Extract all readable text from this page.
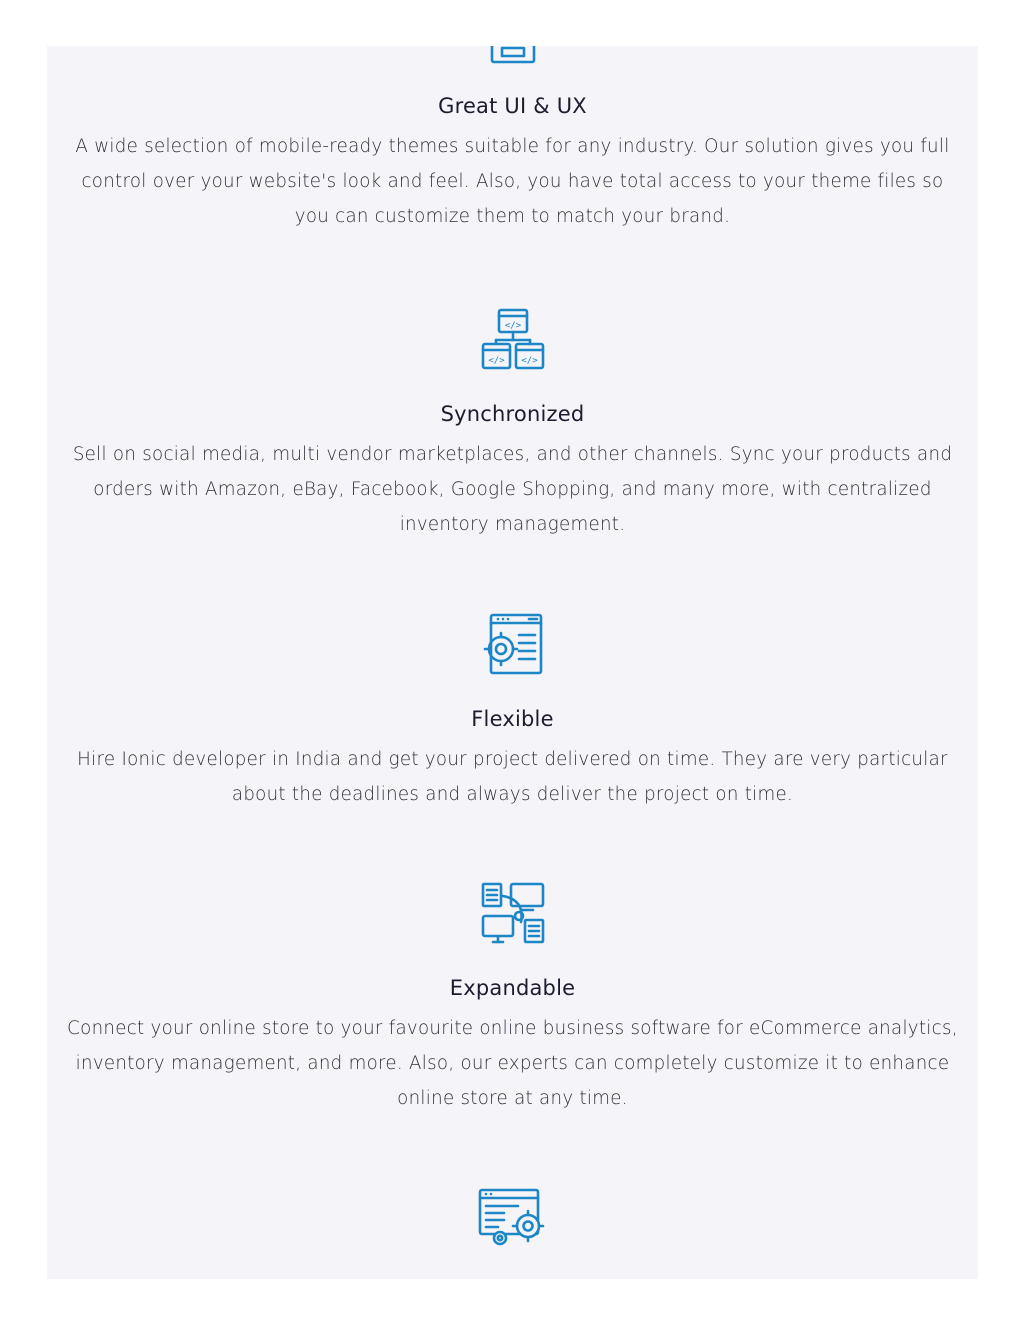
Great UI & UX

A wide selection of mobile-ready themes suitable for any industry. Our solution gives you full control over your website's look and feel. Also, you have total access to your theme files so you can customize them to match your brand.

</>
</> </>
Synchronized

Sell on social media, multi vendor marketplaces, and other channels. Sync your products and orders with Amazon, eBay, Facebook, Google Shopping, and many more, with centralized inventory management.

Flexible

Hire Ionic developer in India and get your project delivered on time. They are very particular about the deadlines and always deliver the project on time.

Expandable

Connect your online store to your favourite online business software for eCommerce analytics, inventory management, and more. Also, our experts can completely customize it to enhance online store at any time.
